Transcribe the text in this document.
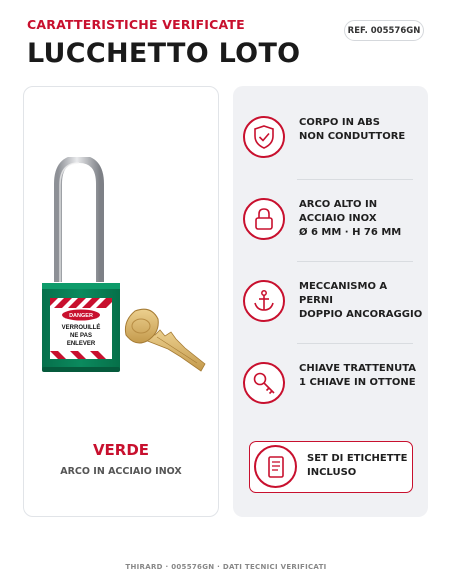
CARATTERISTICHE VERIFICATE
LUCCHETTO LOTO
REF. 005576GN
DANGER
VERROUILLÉ
NE PAS
ENLEVER
VERDE
ARCO IN ACCIAIO INOX
CORPO IN ABS
NON CONDUTTORE
ARCO ALTO IN
ACCIAIO INOX
Ø 6 MM · H 76 MM
MECCANISMO A PERNI
DOPPIO ANCORAGGIO
CHIAVE TRATTENUTA
1 CHIAVE IN OTTONE
SET DI ETICHETTE
INCLUSO
THIRARD · 005576GN · DATI TECNICI VERIFICATI
